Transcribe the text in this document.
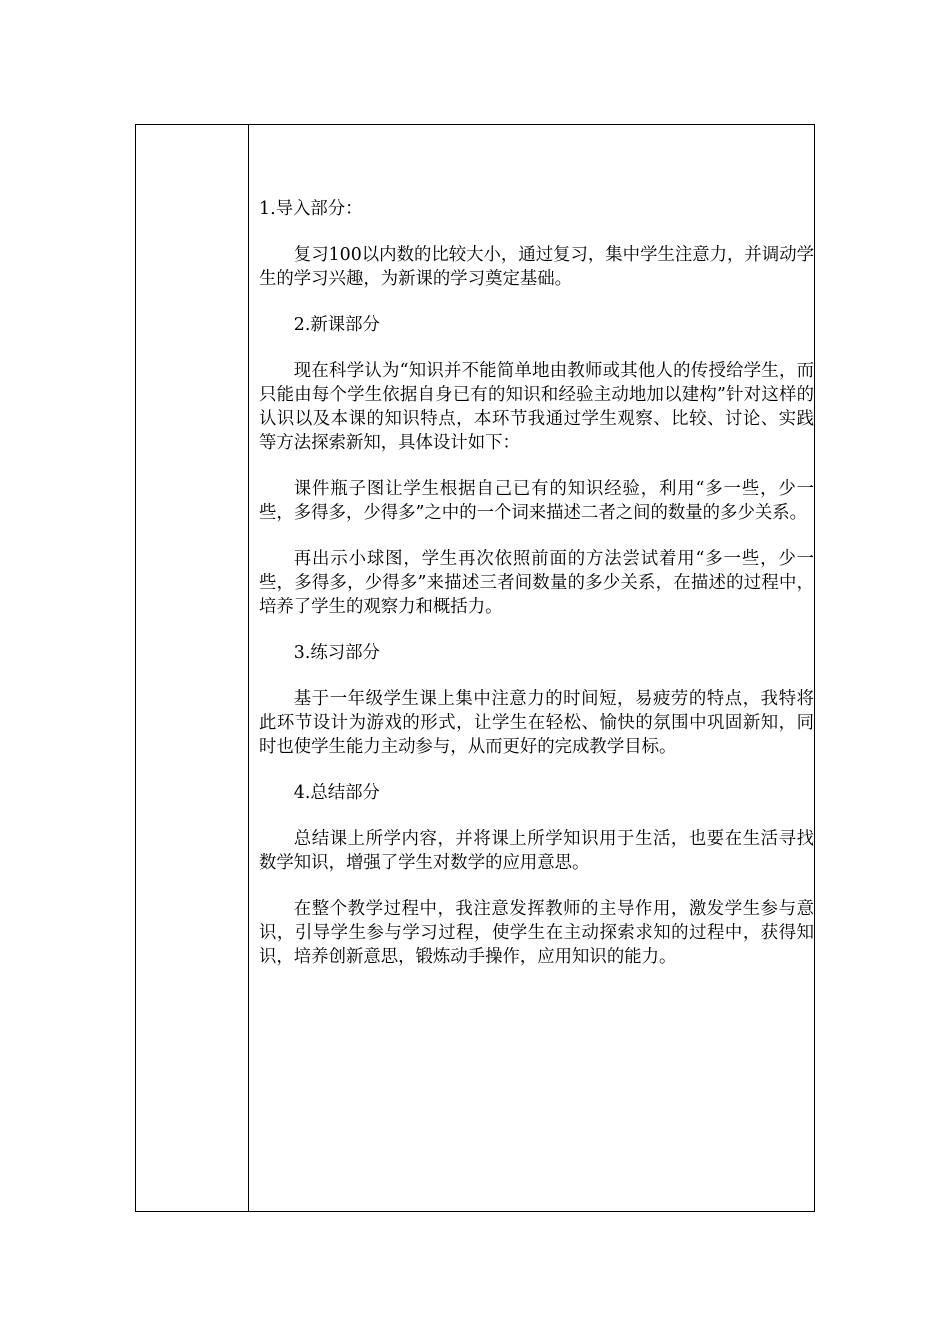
1.导入部分：

复习100以内数的比较大小，通过复习，集中学生注意力，并调动学生的学习兴趣，为新课的学习奠定基础。

2.新课部分

现在科学认为“知识并不能简单地由教师或其他人的传授给学生，而只能由每个学生依据自身已有的知识和经验主动地加以建构”针对这样的认识以及本课的知识特点，本环节我通过学生观察、比较、讨论、实践等方法探索新知，具体设计如下：

课件瓶子图让学生根据自己已有的知识经验，利用“多一些，少一些，多得多，少得多”之中的一个词来描述二者之间的数量的多少关系。

再出示小球图，学生再次依照前面的方法尝试着用“多一些，少一些，多得多，少得多”来描述三者间数量的多少关系，在描述的过程中，培养了学生的观察力和概括力。

3.练习部分

基于一年级学生课上集中注意力的时间短，易疲劳的特点，我特将此环节设计为游戏的形式，让学生在轻松、愉快的氛围中巩固新知，同时也使学生能力主动参与，从而更好的完成教学目标。

4.总结部分

总结课上所学内容，并将课上所学知识用于生活，也要在生活寻找数学知识，增强了学生对数学的应用意思。

在整个教学过程中，我注意发挥教师的主导作用，激发学生参与意识，引导学生参与学习过程，使学生在主动探索求知的过程中，获得知识，培养创新意思，锻炼动手操作，应用知识的能力。
